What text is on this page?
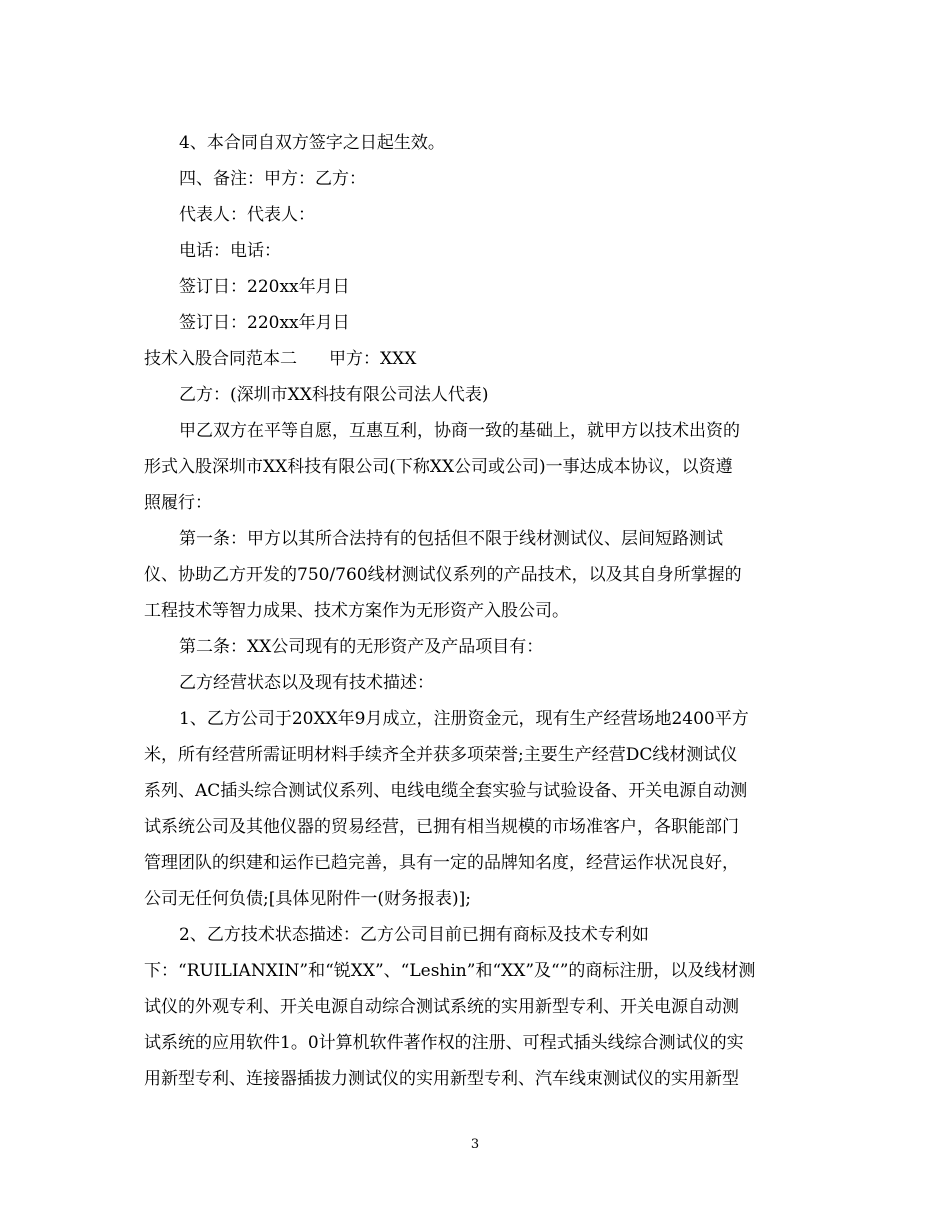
4、本合同自双方签字之日起生效。
四、备注：甲方：乙方：
代表人：代表人：
电话：电话：
签订日：220xx年月日
签订日：220xx年月日
技术入股合同范本二 甲方：XXX
乙方：(深圳市XX科技有限公司法人代表)
甲乙双方在平等自愿，互惠互利，协商一致的基础上，就甲方以技术出资的
形式入股深圳市XX科技有限公司(下称XX公司或公司)一事达成本协议，以资遵
照履行：
第一条：甲方以其所合法持有的包括但不限于线材测试仪、层间短路测试
仪、协助乙方开发的750/760线材测试仪系列的产品技术，以及其自身所掌握的
工程技术等智力成果、技术方案作为无形资产入股公司。
第二条：XX公司现有的无形资产及产品项目有：
乙方经营状态以及现有技术描述：
1、乙方公司于20XX年9月成立，注册资金元，现有生产经营场地2400平方
米，所有经营所需证明材料手续齐全并获多项荣誉;主要生产经营DC线材测试仪
系列、AC插头综合测试仪系列、电线电缆全套实验与试验设备、开关电源自动测
试系统公司及其他仪器的贸易经营，已拥有相当规模的市场准客户，各职能部门
管理团队的织建和运作已趋完善，具有一定的品牌知名度，经营运作状况良好，
公司无任何负债;[具体见附件一(财务报表)];
2、乙方技术状态描述：乙方公司目前已拥有商标及技术专利如
下：“RUILIANXIN”和“锐XX”、“Leshin”和“XX”及“”的商标注册，以及线材测
试仪的外观专利、开关电源自动综合测试系统的实用新型专利、开关电源自动测
试系统的应用软件1。0计算机软件著作权的注册、可程式插头线综合测试仪的实
用新型专利、连接器插拔力测试仪的实用新型专利、汽车线束测试仪的实用新型
3
